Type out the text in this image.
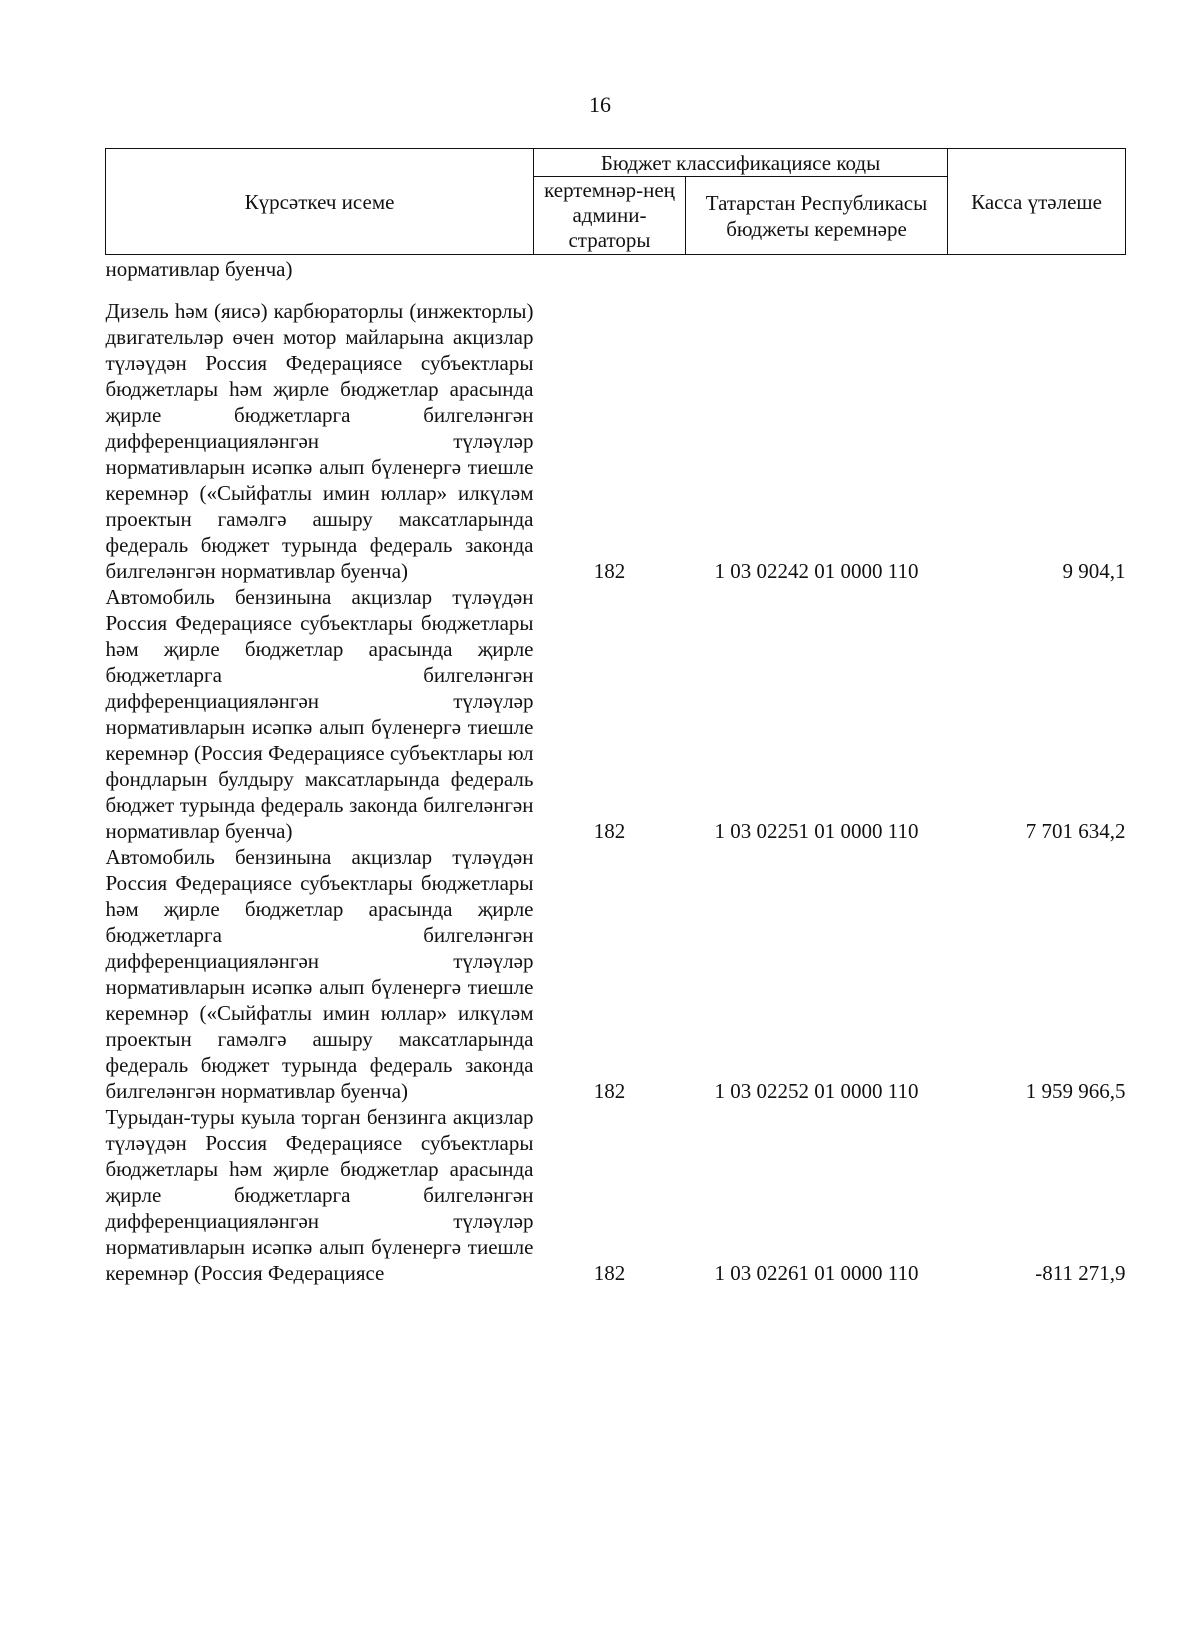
16
Күрсәткеч исеме	Бюджет классификациясе коды		Касса үтәлеше
	кертемнәр-нең админи-страторы	Татарстан Республикасы бюджеты керемнәре	
нормативлар буенча)			
Дизель һәм (яисә) карбюраторлы (инжекторлы) двигательләр өчен мотор майларына акцизлар түләүдән Россия Федерациясе субъектлары бюджетлары һәм җирле бюджетлар арасында җирле бюджетларга билгеләнгән дифференциацияләнгән түләүләр нормативларын исәпкә алып бүленергә тиешле керемнәр («Сыйфатлы имин юллар» илкүләм проектын гамәлгә ашыру максатларында федераль бюджет турында федераль законда билгеләнгән нормативлар буенча)	182	1 03 02242 01 0000 110	9 904,1
Автомобиль бензинына акцизлар түләүдән Россия Федерациясе субъектлары бюджетлары һәм җирле бюджетлар арасында җирле бюджетларга билгеләнгән дифференциацияләнгән түләүләр нормативларын исәпкә алып бүленергә тиешле керемнәр (Россия Федерациясе субъектлары юл фондларын булдыру максатларында федераль бюджет турында федераль законда билгеләнгән нормативлар буенча)	182	1 03 02251 01 0000 110	7 701 634,2
Автомобиль бензинына акцизлар түләүдән Россия Федерациясе субъектлары бюджетлары һәм җирле бюджетлар арасында җирле бюджетларга билгеләнгән дифференциацияләнгән түләүләр нормативларын исәпкә алып бүленергә тиешле керемнәр («Сыйфатлы имин юллар» илкүләм проектын гамәлгә ашыру максатларында федераль бюджет турында федераль законда билгеләнгән нормативлар буенча)	182	1 03 02252 01 0000 110	1 959 966,5
Турыдан-туры куыла торган бензинга акцизлар түләүдән Россия Федерациясе субъектлары бюджетлары һәм җирле бюджетлар арасында җирле бюджетларга билгеләнгән дифференциацияләнгән түләүләр нормативларын исәпкә алып бүленергә тиешле керемнәр (Россия Федерациясе	182	1 03 02261 01 0000 110	-811 271,9
